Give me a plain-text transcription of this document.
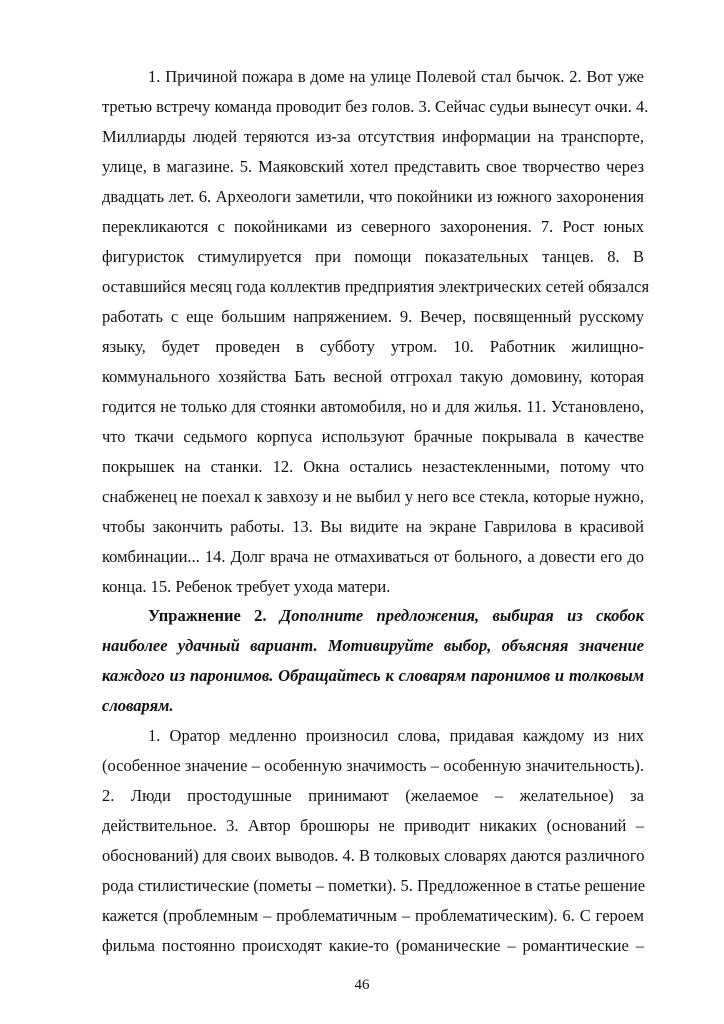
1. Причиной пожара в доме на улице Полевой стал бычок. 2. Вот уже
третью встречу команда проводит без голов. 3. Сейчас судьи вынесут очки. 4.
Миллиарды людей теряются из-за отсутствия информации на транспорте,
улице, в магазине. 5. Маяковский хотел представить свое творчество через
двадцать лет. 6. Археологи заметили, что покойники из южного захоронения
перекликаются с покойниками из северного захоронения. 7. Рост юных
фигуристок стимулируется при помощи показательных танцев. 8. В
оставшийся месяц года коллектив предприятия электрических сетей обязался
работать с еще большим напряжением. 9. Вечер, посвященный русскому
языку, будет проведен в субботу утром. 10. Работник жилищно-
коммунального хозяйства Бать весной отгрохал такую домовину, которая
годится не только для стоянки автомобиля, но и для жилья. 11. Установлено,
что ткачи седьмого корпуса используют брачные покрывала в качестве
покрышек на станки. 12. Окна остались незастекленными, потому что
снабженец не поехал к завхозу и не выбил у него все стекла, которые нужно,
чтобы закончить работы. 13. Вы видите на экране Гаврилова в красивой
комбинации... 14. Долг врача не отмахиваться от больного, а довести его до
конца. 15. Ребенок требует ухода матери.
Упражнение 2. Дополните предложения, выбирая из скобок
наиболее удачный вариант. Мотивируйте выбор, объясняя значение
каждого из паронимов. Обращайтесь к словарям паронимов и толковым
словарям.
1. Оратор медленно произносил слова, придавая каждому из них
(особенное значение – особенную значимость – особенную значительность).
2. Люди простодушные принимают (желаемое – желательное) за
действительное. 3. Автор брошюры не приводит никаких (оснований –
обоснований) для своих выводов. 4. В толковых словарях даются различного
рода стилистические (пометы – пометки). 5. Предложенное в статье решение
кажется (проблемным – проблематичным – проблематическим). 6. С героем
фильма постоянно происходят какие-то (романические – романтические –
46
